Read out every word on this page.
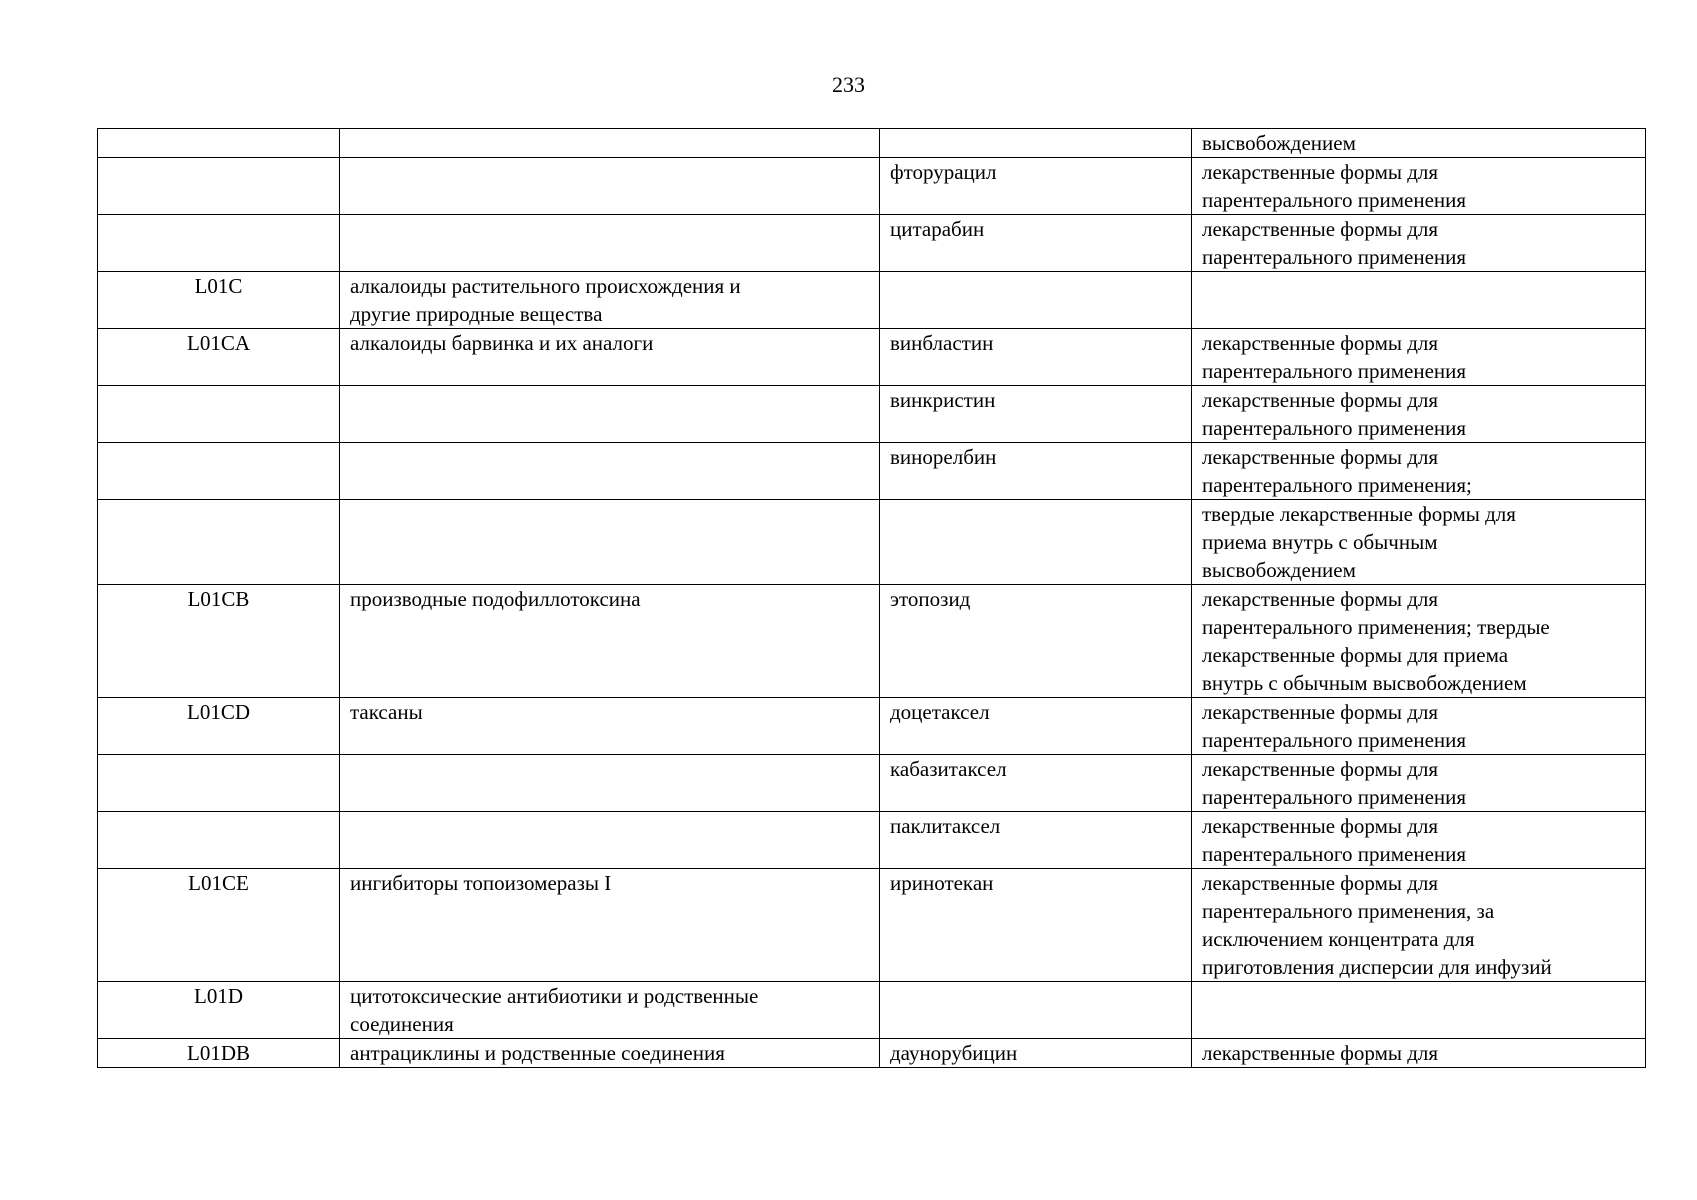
233

			высвобождением

		фторурацил	лекарственные формы для
парентерального применения

		цитарабин	лекарственные формы для
парентерального применения

L01C	алкалоиды растительного происхождения и
другие природные вещества		

L01CA	алкалоиды барвинка и их аналоги	винбластин	лекарственные формы для
парентерального применения

		винкристин	лекарственные формы для
парентерального применения

		винорелбин	лекарственные формы для
парентерального применения;

			твердые лекарственные формы для
приема внутрь с обычным
высвобождением

L01CB	производные подофиллотоксина	этопозид	лекарственные формы для
парентерального применения; твердые
лекарственные формы для приема
внутрь с обычным высвобождением

L01CD	таксаны	доцетаксел	лекарственные формы для
парентерального применения

		кабазитаксел	лекарственные формы для
парентерального применения

		паклитаксел	лекарственные формы для
парентерального применения

L01CE	ингибиторы топоизомеразы I	иринотекан	лекарственные формы для
парентерального применения, за
исключением концентрата для
приготовления дисперсии для инфузий

L01D	цитотоксические антибиотики и родственные
соединения		

L01DB	антрациклины и родственные соединения	даунорубицин	лекарственные формы для
